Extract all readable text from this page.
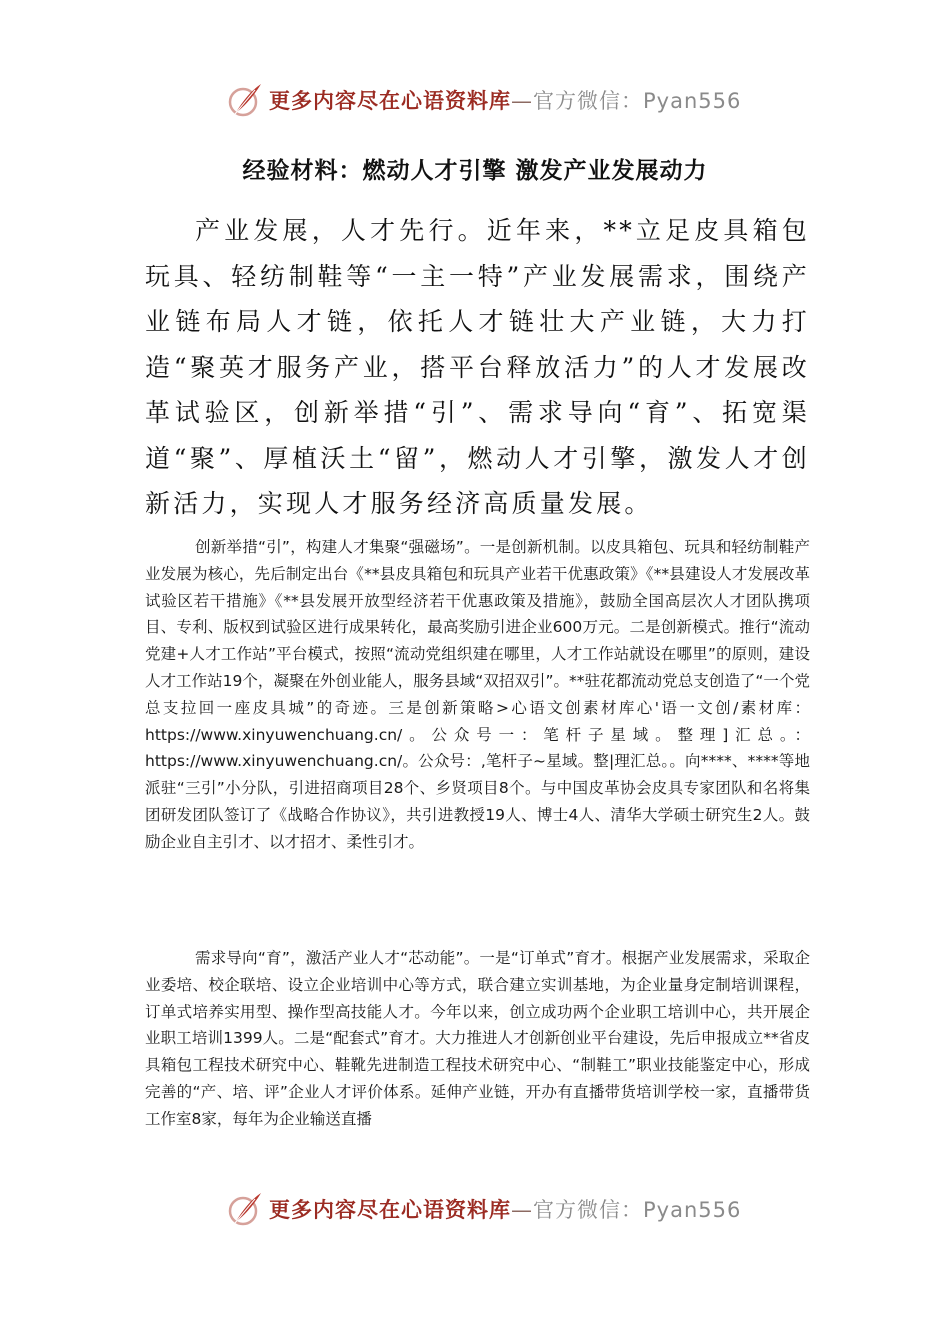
更多内容尽在心语资料库—官方微信：Pyan556
经验材料：燃动人才引擎 激发产业发展动力

产业发展，人才先行。近年来，**立足皮具箱包玩具、轻纺制鞋等“一主一特”产业发展需求，围绕产业链布局人才链，依托人才链壮大产业链，大力打造“聚英才服务产业，搭平台释放活力”的人才发展改革试验区，创新举措“引”、需求导向“育”、拓宽渠道“聚”、厚植沃土“留”，燃动人才引擎，激发人才创新活力，实现人才服务经济高质量发展。

创新举措“引”，构建人才集聚“强磁场”。一是创新机制。以皮具箱包、玩具和轻纺制鞋产业发展为核心，先后制定出台《**县皮具箱包和玩具产业若干优惠政策》《**县建设人才发展改革试验区若干措施》《**县发展开放型经济若干优惠政策及措施》，鼓励全国高层次人才团队携项目、专利、版权到试验区进行成果转化，最高奖励引进企业600万元。二是创新模式。推行“流动党建+人才工作站”平台模式，按照“流动党组织建在哪里，人才工作站就设在哪里”的原则，建设人才工作站19个，凝聚在外创业能人，服务县域“双招双引”。**驻花都流动党总支创造了“一个党总支拉回一座皮具城”的奇迹。三是创新策略>心语文创素材库心'语一文创/素材库：https://www.xinyuwenchuang.cn/。公众号一：笔杆子星域。整理]汇总。：https://www.xinyuwenchuang.cn/。公众号：,笔杆子~星域。整|理汇总。。向****、****等地派驻“三引”小分队，引进招商项目28个、乡贤项目8个。与中国皮革协会皮具专家团队和名将集团研发团队签订了《战略合作协议》，共引进教授19人、博士4人、清华大学硕士研究生2人。鼓励企业自主引才、以才招才、柔性引才。

需求导向“育”，激活产业人才“芯动能”。一是“订单式”育才。根据产业发展需求，采取企业委培、校企联培、设立企业培训中心等方式，联合建立实训基地，为企业量身定制培训课程，订单式培养实用型、操作型高技能人才。今年以来，创立成功两个企业职工培训中心，共开展企业职工培训1399人。二是“配套式”育才。大力推进人才创新创业平台建设，先后申报成立**省皮具箱包工程技术研究中心、鞋靴先进制造工程技术研究中心、“制鞋工”职业技能鉴定中心，形成完善的“产、培、评”企业人才评价体系。延伸产业链，开办有直播带货培训学校一家，直播带货工作室8家，每年为企业输送直播

更多内容尽在心语资料库—官方微信：Pyan556
